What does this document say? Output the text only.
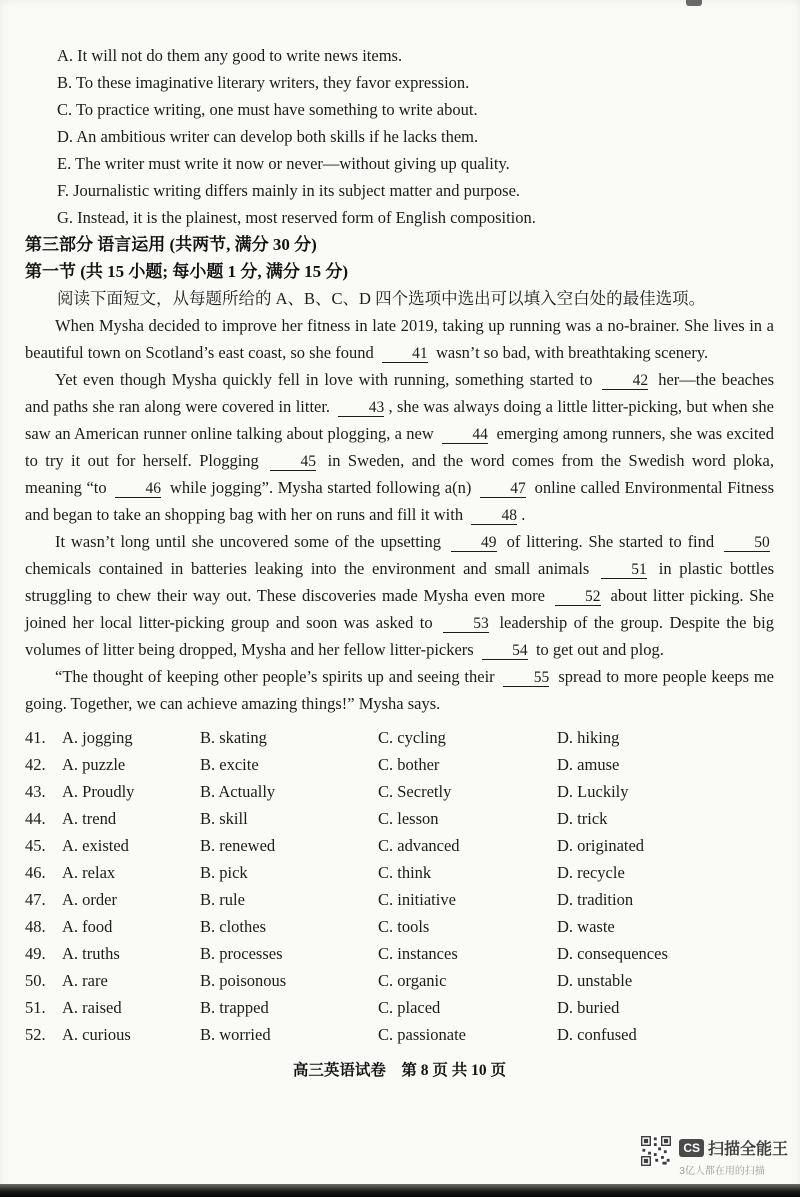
A. It will not do them any good to write news items.
B. To these imaginative literary writers, they favor expression.
C. To practice writing, one must have something to write about.
D. An ambitious writer can develop both skills if he lacks them.
E. The writer must write it now or never—without giving up quality.
F. Journalistic writing differs mainly in its subject matter and purpose.
G. Instead, it is the plainest, most reserved form of English composition.
第三部分 语言运用 (共两节, 满分 30 分)
第一节 (共 15 小题; 每小题 1 分, 满分 15 分)

阅读下面短文，从每题所给的 A、B、C、D 四个选项中选出可以填入空白处的最佳选项。

When Mysha decided to improve her fitness in late 2019, taking up running was a no-brainer. She lives in a beautiful town on Scotland’s east coast, so she found 41 wasn’t so bad, with breathtaking scenery.

Yet even though Mysha quickly fell in love with running, something started to 42 her—the beaches and paths she ran along were covered in litter. 43 , she was always doing a little litter-picking, but when she saw an American runner online talking about plogging, a new 44 emerging among runners, she was excited to try it out for herself. Plogging 45 in Sweden, and the word comes from the Swedish word ploka, meaning “to 46 while jogging”. Mysha started following a(n) 47 online called Environmental Fitness and began to take an shopping bag with her on runs and fill it with 48 .

It wasn’t long until she uncovered some of the upsetting 49 of littering. She started to find 50 chemicals contained in batteries leaking into the environment and small animals 51 in plastic bottles struggling to chew their way out. These discoveries made Mysha even more 52 about litter picking. She joined her local litter-picking group and soon was asked to 53 leadership of the group. Despite the big volumes of litter being dropped, Mysha and her fellow litter-pickers 54 to get out and plog.

“The thought of keeping other people’s spirits up and seeing their 55 spread to more people keeps me going. Together, we can achieve amazing things!” Mysha says.

41. A. jogging	B. skating	C. cycling	D. hiking
42. A. puzzle	B. excite	C. bother	D. amuse
43. A. Proudly	B. Actually	C. Secretly	D. Luckily
44. A. trend	B. skill	C. lesson	D. trick
45. A. existed	B. renewed	C. advanced	D. originated
46. A. relax	B. pick	C. think	D. recycle
47. A. order	B. rule	C. initiative	D. tradition
48. A. food	B. clothes	C. tools	D. waste
49. A. truths	B. processes	C. instances	D. consequences
50. A. rare	B. poisonous	C. organic	D. unstable
51. A. raised	B. trapped	C. placed	D. buried
52. A. curious	B. worried	C. passionate	D. confused
高三英语试卷　第 8 页 共 10 页
CS 扫描全能王
3亿人都在用的扫描
